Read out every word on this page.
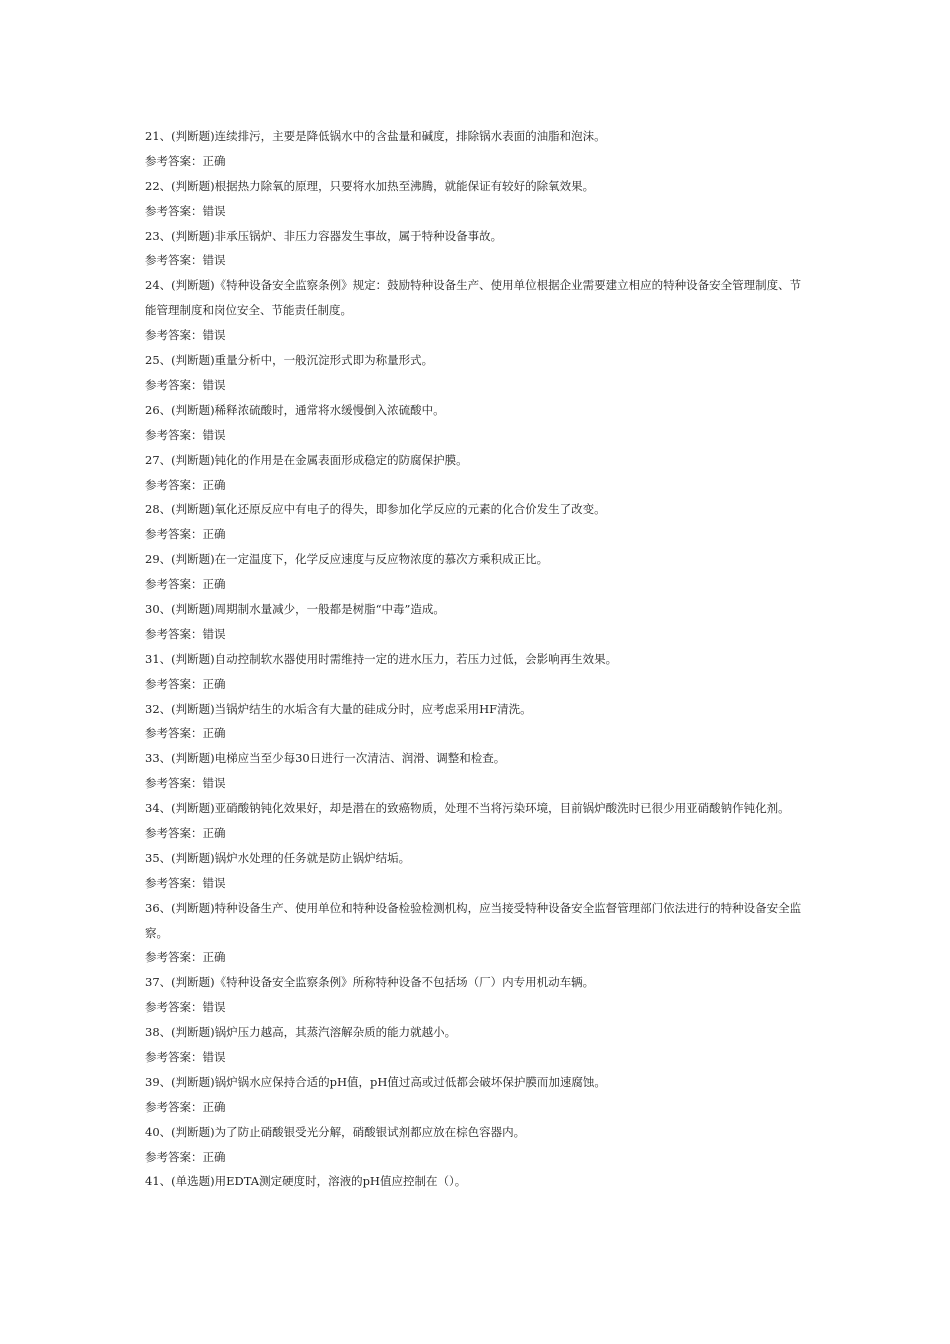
21、(判断题)连续排污，主要是降低锅水中的含盐量和碱度，排除锅水表面的油脂和泡沫。
参考答案：正确
22、(判断题)根据热力除氧的原理，只要将水加热至沸腾，就能保证有较好的除氧效果。
参考答案：错误
23、(判断题)非承压锅炉、非压力容器发生事故，属于特种设备事故。
参考答案：错误
24、(判断题)《特种设备安全监察条例》规定：鼓励特种设备生产、使用单位根据企业需要建立相应的特种设备安全管理制度、节能管理制度和岗位安全、节能责任制度。
参考答案：错误
25、(判断题)重量分析中，一般沉淀形式即为称量形式。
参考答案：错误
26、(判断题)稀释浓硫酸时，通常将水缓慢倒入浓硫酸中。
参考答案：错误
27、(判断题)钝化的作用是在金属表面形成稳定的防腐保护膜。
参考答案：正确
28、(判断题)氧化还原反应中有电子的得失，即参加化学反应的元素的化合价发生了改变。
参考答案：正确
29、(判断题)在一定温度下，化学反应速度与反应物浓度的慕次方乘积成正比。
参考答案：正确
30、(判断题)周期制水量减少，一般都是树脂“中毒”造成。
参考答案：错误
31、(判断题)自动控制软水器使用时需维持一定的进水压力，若压力过低，会影响再生效果。
参考答案：正确
32、(判断题)当锅炉结生的水垢含有大量的硅成分时，应考虑采用HF清洗。
参考答案：正确
33、(判断题)电梯应当至少每30日进行一次清洁、润滑、调整和检查。
参考答案：错误
34、(判断题)亚硝酸钠钝化效果好，却是潜在的致癌物质，处理不当将污染环境，目前锅炉酸洗时已很少用亚硝酸钠作钝化剂。
参考答案：正确
35、(判断题)锅炉水处理的任务就是防止锅炉结垢。
参考答案：错误
36、(判断题)特种设备生产、使用单位和特种设备检验检测机构，应当接受特种设备安全监督管理部门依法进行的特种设备安全监察。
参考答案：正确
37、(判断题)《特种设备安全监察条例》所称特种设备不包括场（厂）内专用机动车辆。
参考答案：错误
38、(判断题)锅炉压力越高，其蒸汽溶解杂质的能力就越小。
参考答案：错误
39、(判断题)锅炉锅水应保持合适的pH值，pH值过高或过低都会破坏保护膜而加速腐蚀。
参考答案：正确
40、(判断题)为了防止硝酸银受光分解，硝酸银试剂都应放在棕色容器内。
参考答案：正确
41、(单选题)用EDTA测定硬度时，溶液的pH值应控制在（）。
